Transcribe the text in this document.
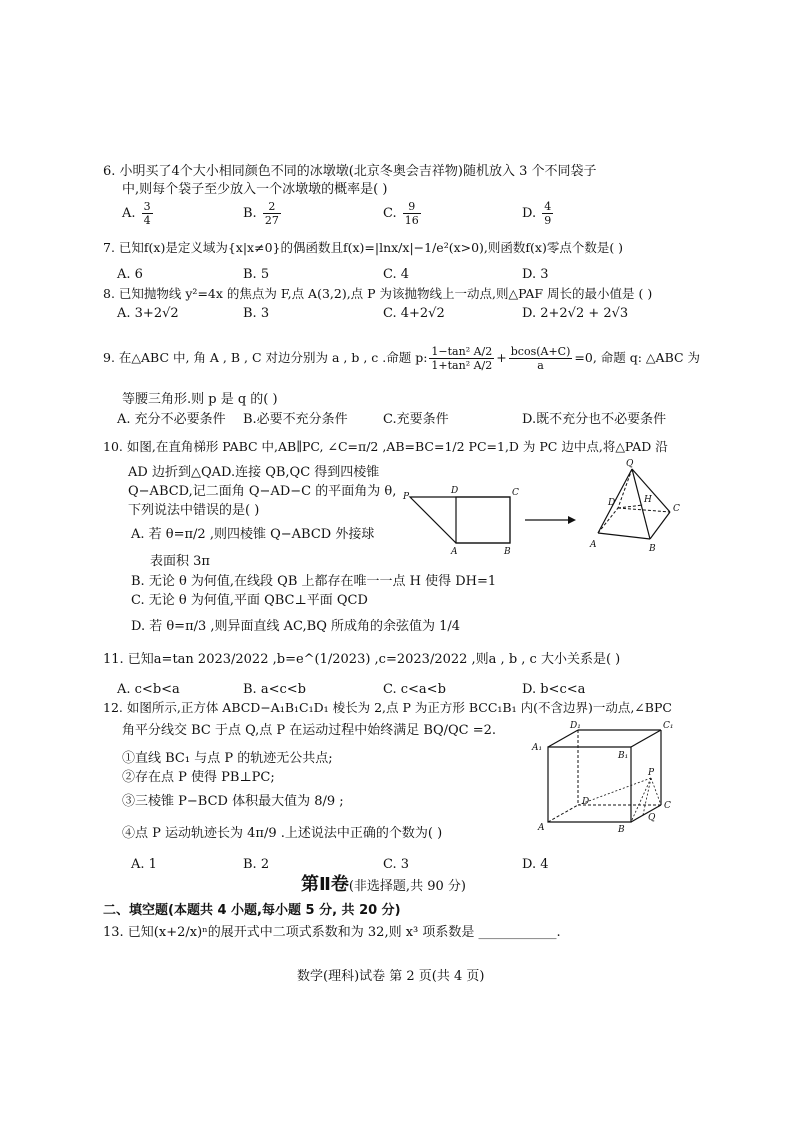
6. 小明买了4个大小相同颜色不同的冰墩墩(北京冬奥会吉祥物)随机放入 3 个不同袋子
中,则每个袋子至少放入一个冰墩墩的概率是( )
A. $\frac{3}{4}$	B. $\frac{2}{27}$	C. $\frac{9}{16}$	D. $\frac{4}{9}$
7. 已知f(x)是定义域为{x|x≠0}的偶函数且f(x)=|lnx/x|−1/e²(x>0),则函数f(x)零点个数是( )
A. 6	B. 5	C. 4	D. 3
8. 已知抛物线 y²=4x 的焦点为 F,点 A(3,2),点 P 为该抛物线上一动点,则△PAF 周长的最小值是 ( )
A. 3+2√2	B. 3	C. 4+2√2	D. 2+2√2 + 2√3
9. 在△ABC 中, 角 A , B , C 对边分别为 a , b , c .命题 p: $\frac{\text{1−tan² A/2}}{\text{1+tan² A/2}} + \frac{bcos(A+C)}{a} =0$, 命题 q: △ABC 为
等腰三角形.则 p 是 q 的( )
A. 充分不必要条件 B.必要不充分条件	C.充要条件	D.既不充分也不必要条件
10. 如图,在直角梯形 PABC 中,AB∥PC, ∠C=π/2 ,AB=BC=1/2 PC=1,D 为 PC 边中点,将△PAD 沿
AD 边折到△QAD.连接 QB,QC 得到四棱锥
Q−ABCD,记二面角 Q−AD−C 的平面角为 θ,
下列说法中错误的是( )
A. 若 θ=π/2 ,则四棱锥 Q−ABCD 外接球
表面积 3π
B. 无论 θ 为何值,在线段 QB 上都存在唯一一点 H 使得 DH=1
C. 无论 θ 为何值,平面 QBC⊥平面 QCD
D. 若 θ=π/3 ,则异面直线 AC,BQ 所成角的余弦值为 1/4
P
D	C
A	B
Q
D	H
C
A	B
11. 已知a=tan 2023/2022 ,b=e^(1/2023) ,c=2023/2022 ,则a , b , c 大小关系是( )
A. c<b<a	B. a<c<b	C. c<a<b	D. b<c<a
12. 如图所示,正方体 ABCD−A₁B₁C₁D₁ 棱长为 2,点 P 为正方形 BCC₁B₁ 内(不含边界)一动点,∠BPC
角平分线交 BC 于点 Q,点 P 在运动过程中始终满足 BQ/QC =2.
①直线 BC₁ 与点 P 的轨迹无公共点;
②存在点 P 使得 PB⊥PC;
③三棱锥 P−BCD 体积最大值为 8/9 ;
④点 P 运动轨迹长为 4π/9 .上述说法中正确的个数为( )
A. 1	B. 2	C. 3	D. 4
D₁	C₁
A₁
B₁
P
D	C
Q
A	B
第Ⅱ卷(非选择题,共 90 分)
二、填空题(本题共 4 小题,每小题 5 分, 共 20 分)
13. 已知(x+2/x)ⁿ的展开式中二项式系数和为 32,则 x³ 项系数是 ____________.
数学(理科)试卷 第 2 页(共 4 页)
